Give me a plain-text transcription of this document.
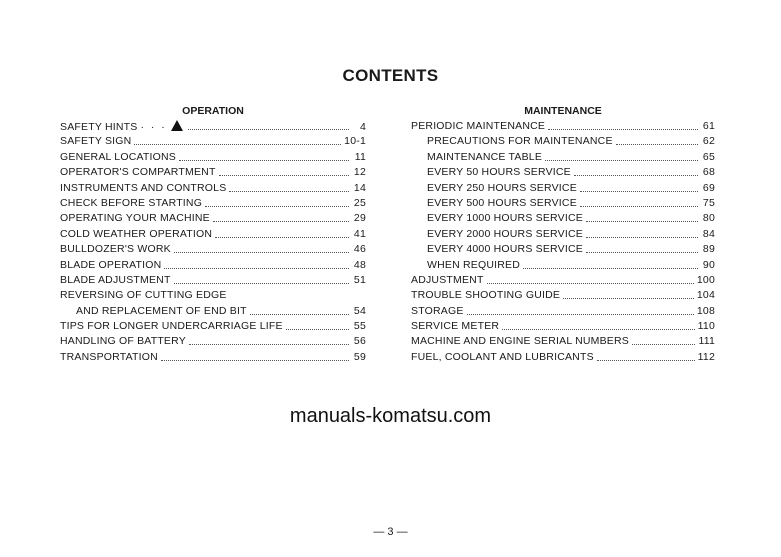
CONTENTS
OPERATION
SAFETY HINTS · · ·	4
SAFETY SIGN	10-1
GENERAL LOCATIONS	11
OPERATOR'S COMPARTMENT	12
INSTRUMENTS AND CONTROLS	14
CHECK BEFORE STARTING	25
OPERATING YOUR MACHINE	29
COLD WEATHER OPERATION	41
BULLDOZER'S WORK	46
BLADE OPERATION	48
BLADE ADJUSTMENT	51
REVERSING OF CUTTING EDGE
AND REPLACEMENT OF END BIT	54
TIPS FOR LONGER UNDERCARRIAGE LIFE	55
HANDLING OF BATTERY	56
TRANSPORTATION	59
MAINTENANCE
PERIODIC MAINTENANCE	61
PRECAUTIONS FOR MAINTENANCE	62
MAINTENANCE TABLE	65
EVERY 50 HOURS SERVICE	68
EVERY 250 HOURS SERVICE	69
EVERY 500 HOURS SERVICE	75
EVERY 1000 HOURS SERVICE	80
EVERY 2000 HOURS SERVICE	84
EVERY 4000 HOURS SERVICE	89
WHEN REQUIRED	90
ADJUSTMENT	100
TROUBLE SHOOTING GUIDE	104
STORAGE	108
SERVICE METER	110
MACHINE AND ENGINE SERIAL NUMBERS	111
FUEL, COOLANT AND LUBRICANTS	112
manuals-komatsu.com
— 3 —
